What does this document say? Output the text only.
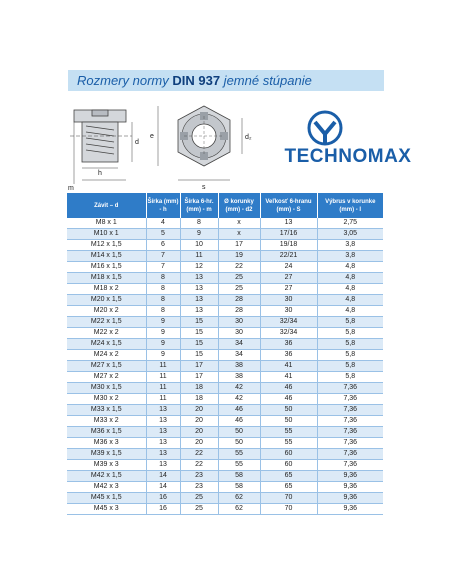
Rozmery normy DIN 937 jemné stúpanie
d
h
m
e	d₂
s
TECHNOMAX
Závit – d	Šírka (mm) - h	Šírka 6-hr. (mm) - m	Ø korunky (mm) - d2	Veľkosť 6-hranu (mm) - S	Výbrus v korunke (mm) - l
M8 x 1	4	8	x	13	2,75
M10 x 1	5	9	x	17/16	3,05
M12 x 1,5	6	10	17	19/18	3,8
M14 x 1,5	7	11	19	22/21	3,8
M16 x 1,5	7	12	22	24	4,8
M18 x 1,5	8	13	25	27	4,8
M18 x 2	8	13	25	27	4,8
M20 x 1,5	8	13	28	30	4,8
M20 x 2	8	13	28	30	4,8
M22 x 1,5	9	15	30	32/34	5,8
M22 x 2	9	15	30	32/34	5,8
M24 x 1,5	9	15	34	36	5,8
M24 x 2	9	15	34	36	5,8
M27 x 1,5	11	17	38	41	5,8
M27 x 2	11	17	38	41	5,8
M30 x 1,5	11	18	42	46	7,36
M30 x 2	11	18	42	46	7,36
M33 x 1,5	13	20	46	50	7,36
M33 x 2	13	20	46	50	7,36
M36 x 1,5	13	20	50	55	7,36
M36 x 3	13	20	50	55	7,36
M39 x 1,5	13	22	55	60	7,36
M39 x 3	13	22	55	60	7,36
M42 x 1,5	14	23	58	65	9,36
M42 x 3	14	23	58	65	9,36
M45 x 1,5	16	25	62	70	9,36
M45 x 3	16	25	62	70	9,36
